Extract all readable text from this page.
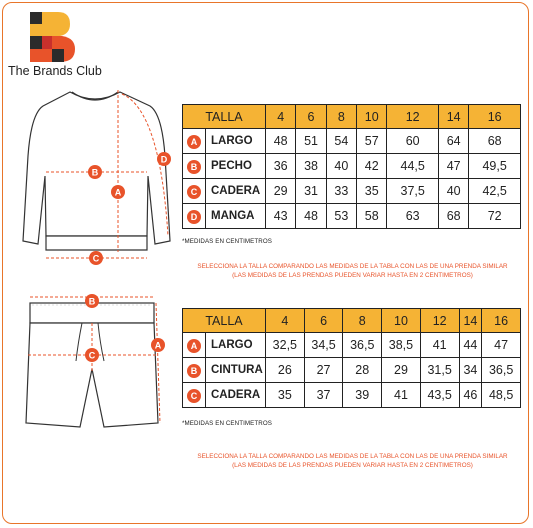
The Brands Club
A
B
C
D
B
A
C
TALLA		4	6	8	10	12	14	16
A	LARGO	48	51	54	57	60	64	68
B	PECHO	36	38	40	42	44,5	47	49,5
C	CADERA	29	31	33	35	37,5	40	42,5
D	MANGA	43	48	53	58	63	68	72
*MEDIDAS EN CENTIMETROS
SELECCIONA LA TALLA COMPARANDO LAS MEDIDAS DE LA TABLA CON LAS DE UNA PRENDA SIMILAR
(LAS MEDIDAS DE LAS PRENDAS PUEDEN VARIAR HASTA EN 2 CENTIMETROS)
TALLA		4	6	8	10	12	14	16
A	LARGO	32,5	34,5	36,5	38,5	41	44	47
B	CINTURA	26	27	28	29	31,5	34	36,5
C	CADERA	35	37	39	41	43,5	46	48,5
*MEDIDAS EN CENTIMETROS
SELECCIONA LA TALLA COMPARANDO LAS MEDIDAS DE LA TABLA CON LAS DE UNA PRENDA SIMILAR
(LAS MEDIDAS DE LAS PRENDAS PUEDEN VARIAR HASTA EN 2 CENTIMETROS)
